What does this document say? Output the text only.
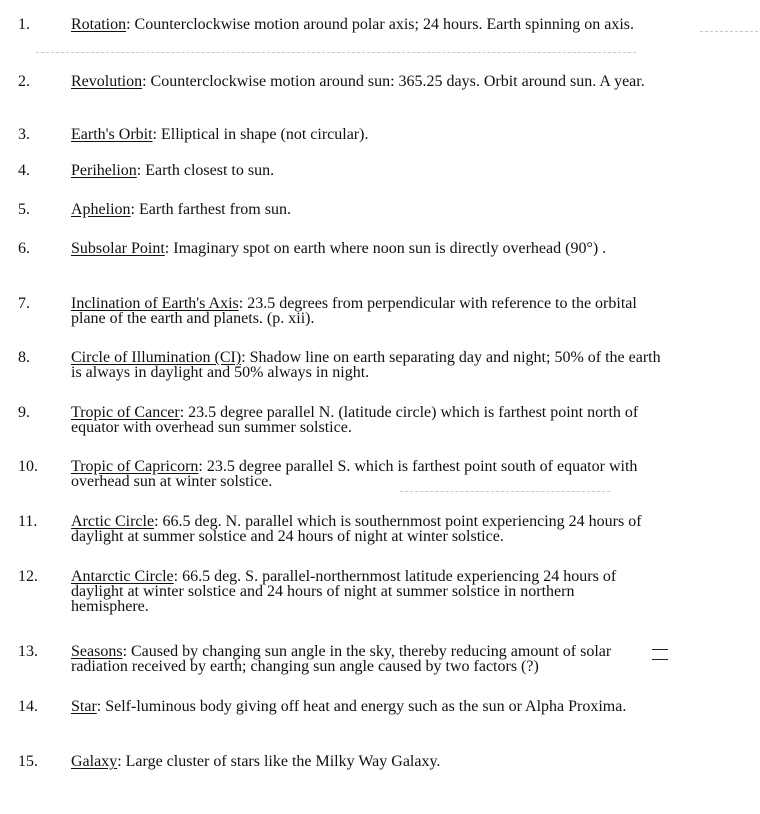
1.	Rotation: Counterclockwise motion around polar axis; 24 hours. Earth spinning on axis.
2.	Revolution: Counterclockwise motion around sun: 365.25 days. Orbit around sun. A year.
3.	Earth's Orbit: Elliptical in shape (not circular).
4.	Perihelion: Earth closest to sun.
5.	Aphelion: Earth farthest from sun.
6.	Subsolar Point: Imaginary spot on earth where noon sun is directly overhead (90°) .
7.	Inclination of Earth's Axis: 23.5 degrees from perpendicular with reference to the orbital plane of the earth and planets. (p. xii).
8.	Circle of Illumination (CI): Shadow line on earth separating day and night; 50% of the earth is always in daylight and 50% always in night.
9.	Tropic of Cancer: 23.5 degree parallel N. (latitude circle) which is farthest point north of equator with overhead sun summer solstice.
10.	Tropic of Capricorn: 23.5 degree parallel S. which is farthest point south of equator with overhead sun at winter solstice.
11.	Arctic Circle: 66.5 deg. N. parallel which is southernmost point experiencing 24 hours of daylight at summer solstice and 24 hours of night at winter solstice.
12.	Antarctic Circle: 66.5 deg. S. parallel-northernmost latitude experiencing 24 hours of daylight at winter solstice and 24 hours of night at summer solstice in northern hemisphere.
13.	Seasons: Caused by changing sun angle in the sky, thereby reducing amount of solar radiation received by earth; changing sun angle caused by two factors (?)
14.	Star: Self-luminous body giving off heat and energy such as the sun or Alpha Proxima.
15.	Galaxy: Large cluster of stars like the Milky Way Galaxy.
